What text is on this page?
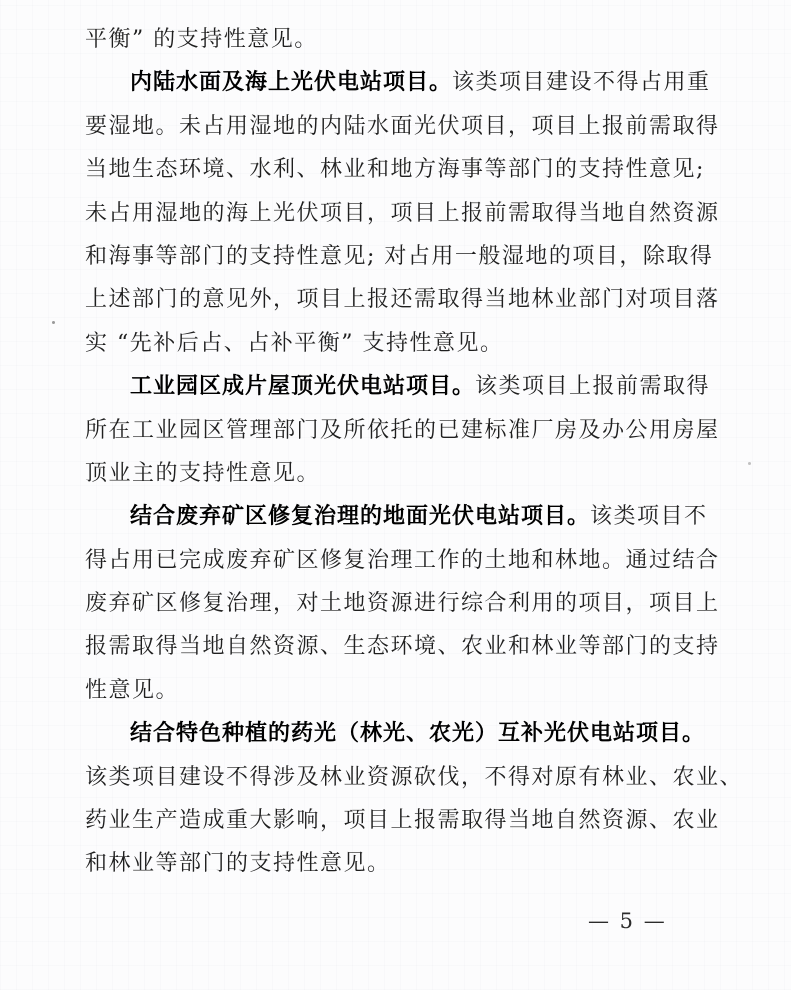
平衡” 的支持性意见。
内陆水面及海上光伏电站项目。该类项目建设不得占用重
要湿地。未占用湿地的内陆水面光伏项目，项目上报前需取得
当地生态环境、水利、林业和地方海事等部门的支持性意见;
未占用湿地的海上光伏项目，项目上报前需取得当地自然资源
和海事等部门的支持性意见; 对占用一般湿地的项目，除取得
上述部门的意见外，项目上报还需取得当地林业部门对项目落
实 “先补后占、占补平衡” 支持性意见。
工业园区成片屋顶光伏电站项目。该类项目上报前需取得
所在工业园区管理部门及所依托的已建标准厂房及办公用房屋
顶业主的支持性意见。
结合废弃矿区修复治理的地面光伏电站项目。该类项目不
得占用已完成废弃矿区修复治理工作的土地和林地。通过结合
废弃矿区修复治理，对土地资源进行综合利用的项目，项目上
报需取得当地自然资源、生态环境、农业和林业等部门的支持
性意见。
结合特色种植的药光（林光、农光）互补光伏电站项目。
该类项目建设不得涉及林业资源砍伐，不得对原有林业、农业、
药业生产造成重大影响，项目上报需取得当地自然资源、农业
和林业等部门的支持性意见。
— 5 —
